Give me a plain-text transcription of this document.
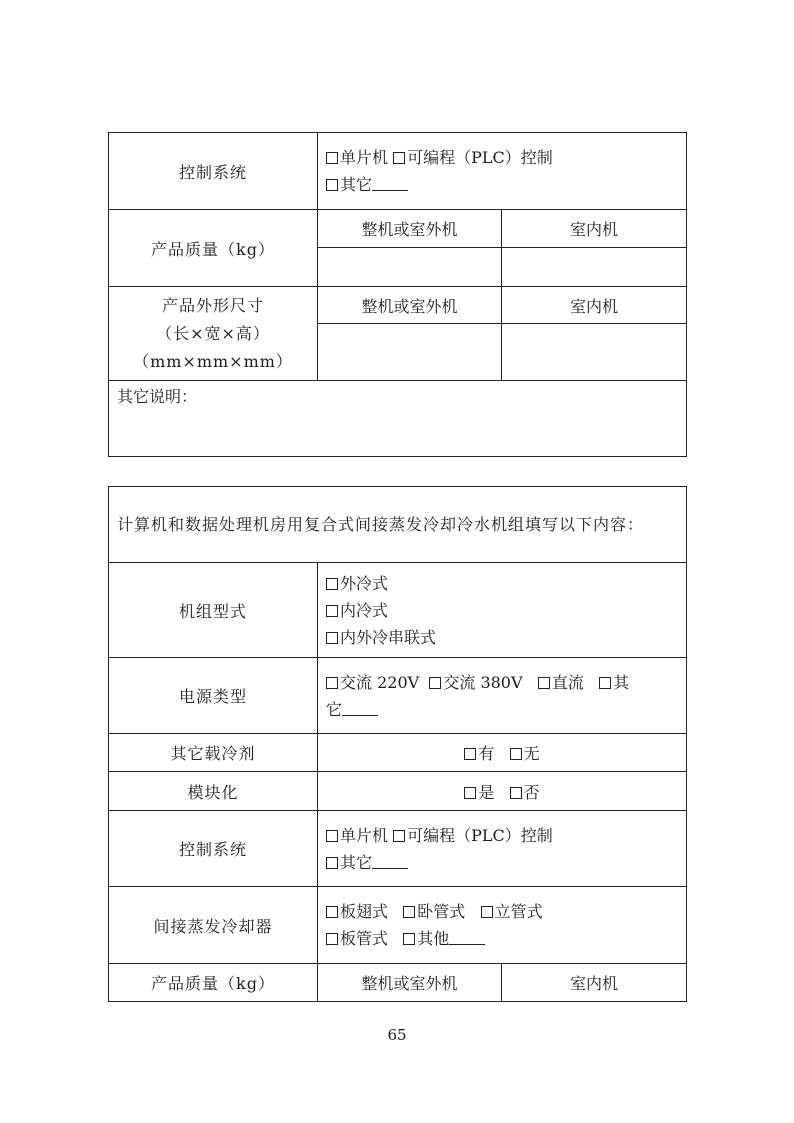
控制系统	单片机 可编程（PLC）控制
其它	
产品质量（kg）	整机或室外机	室内机

产品外形尺寸
（长×宽×高）
（mm×mm×mm）	整机或室外机	室内机

其它说明：		
计算机和数据处理机房用复合式间接蒸发冷却冷水机组填写以下内容：		
机组型式	外冷式
内冷式
内外冷串联式	
电源类型	交流 220V 交流 380V 直流 其
它	
其它载冷剂	有 无	
模块化	是 否	
控制系统	单片机 可编程（PLC）控制
其它	
间接蒸发冷却器	板翅式 卧管式 立管式
板管式 其他	
产品质量（kg）	整机或室外机	室内机
65
